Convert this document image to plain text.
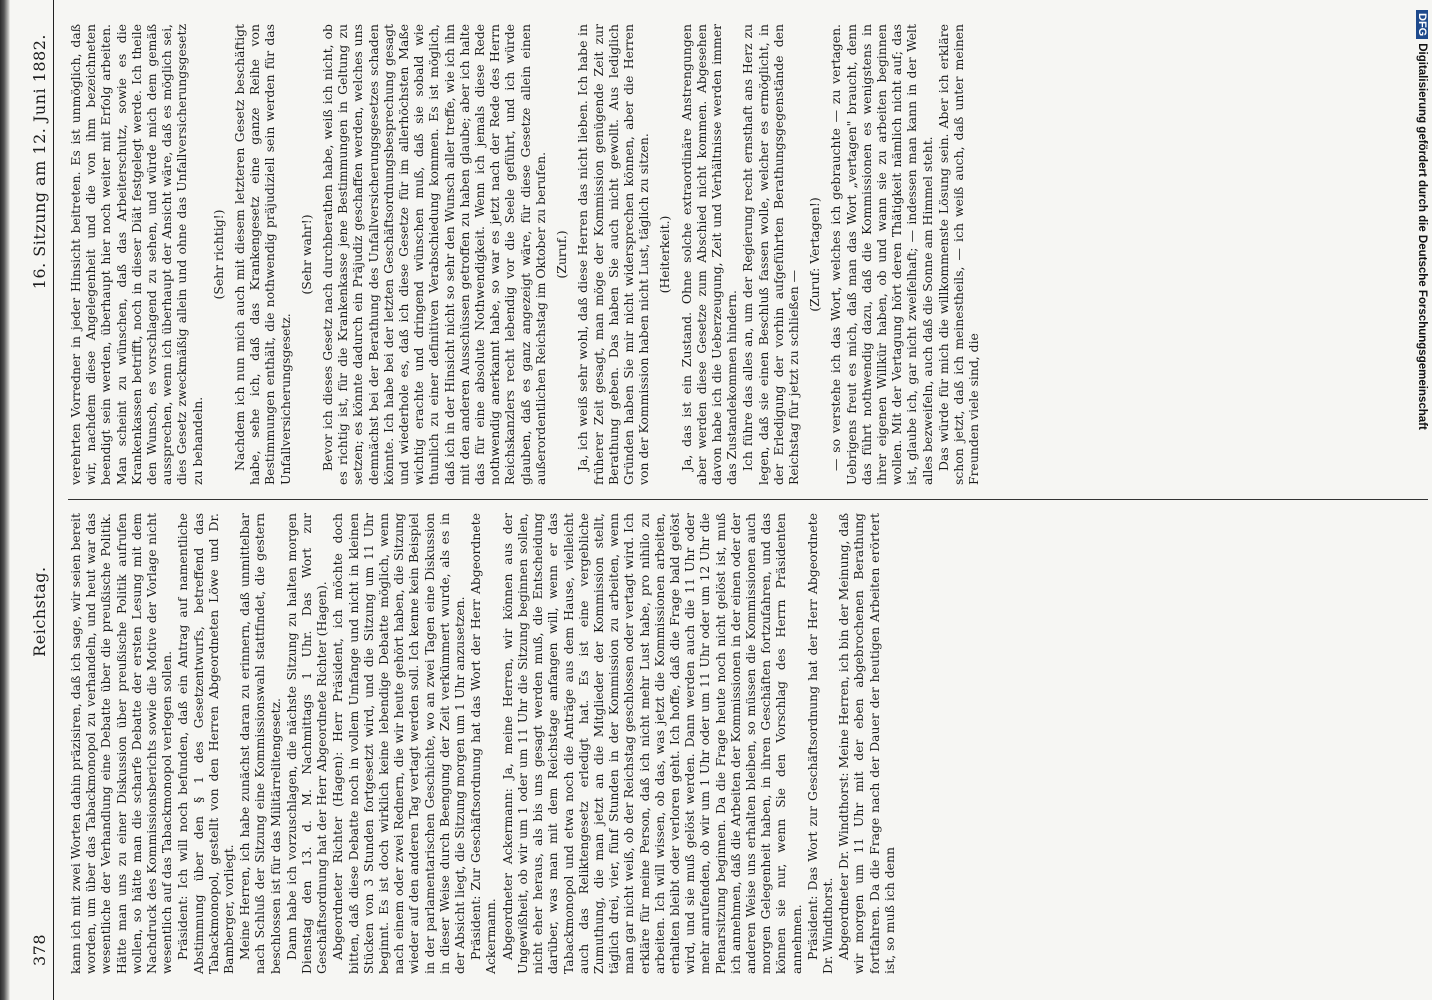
378
Reichstag.
16. Sitzung am 12. Juni 1882.

kann ich mit zwei Worten dahin präzisiren, daß ich sage, wir seien bereit worden, um über das Tabackmonopol zu verhandeln, und heut war das wesentliche der Verhandlung eine Debatte über die preußische Politik. Hätte man uns zu einer Diskussion über preußische Politik aufrufen wollen, so hätte man die scharfe Debatte der ersten Lesung mit dem Nachdruck des Kommissionsberichts sowie die Motive der Vorlage nicht wesentlich auf das Tabackmonopol verlegen sollen. Präsident: Ich will noch befunden, daß ein Antrag auf namentliche Abstimmung über den § 1 des Gesetzentwurfs, betreffend das Tabackmonopol, gestellt von den Herren Abgeordneten Löwe und Dr. Bamberger, vorliegt. Meine Herren, ich habe zunächst daran zu erinnern, daß unmittelbar nach Schluß der Sitzung eine Kommissionswahl stattfindet, die gestern beschlossen ist für das Militärrelitengesetz. Dann habe ich vorzuschlagen, die nächste Sitzung zu halten morgen Dienstag den 13. d. M. Nachmittags 1 Uhr. Das Wort zur Geschäftsordnung hat der Herr Abgeordnete Richter (Hagen). Abgeordneter Richter (Hagen): Herr Präsident, ich möchte doch bitten, daß diese Debatte noch in vollem Umfange und nicht in kleinen Stücken von 3 Stunden fortgesetzt wird, und die Sitzung um 11 Uhr beginnt. Es ist doch wirklich keine lebendige Debatte möglich, wenn nach einem oder zwei Rednern, die wir heute gehört haben, die Sitzung wieder auf den anderen Tag vertagt werden soll. Ich kenne kein Beispiel in der parlamentarischen Geschichte, wo an zwei Tagen eine Diskussion in dieser Weise durch Beengung der Zeit verkümmert wurde, als es in der Absicht liegt, die Sitzung morgen um 1 Uhr anzusetzen. Präsident: Zur Geschäftsordnung hat das Wort der Herr Abgeordnete Ackermann. Abgeordneter Ackermann: Ja, meine Herren, wir können aus der Ungewißheit, ob wir um 1 oder um 11 Uhr die Sitzung beginnen sollen, nicht eher heraus, als bis uns gesagt werden muß, die Entscheidung darüber, was man mit dem Reichstage anfangen will, wenn er das Tabackmonopol und etwa noch die Anträge aus dem Hause, vielleicht auch das Reliktengesetz erledigt hat. Es ist eine vergebliche Zumuthung, die man jetzt an die Mitglieder der Kommission stellt, täglich drei, vier, fünf Stunden in der Kommission zu arbeiten, wenn man gar nicht weiß, ob der Reichstag geschlossen oder vertagt wird. Ich erkläre für meine Person, daß ich nicht mehr Lust habe, pro nihilo zu arbeiten. Ich will wissen, ob das, was jetzt die Kommissionen arbeiten, erhalten bleibt oder verloren geht. Ich hoffe, daß die Frage bald gelöst wird, und sie muß gelöst werden. Dann werden auch die 11 Uhr oder mehr anrufenden, ob wir um 1 Uhr oder um 11 Uhr oder um 12 Uhr die Plenarsitzung beginnen. Da die Frage heute noch nicht gelöst ist, muß ich annehmen, daß die Arbeiten der Kommissionen in der einen oder der anderen Weise uns erhalten bleiben, so müssen die Kommissionen auch morgen Gelegenheit haben, in ihren Geschäften fortzufahren, und das können sie nur, wenn Sie den Vorschlag des Herrn Präsidenten annehmen. Präsident: Das Wort zur Geschäftsordnung hat der Herr Abgeordnete Dr. Windthorst. Abgeordneter Dr. Windthorst: Meine Herren, ich bin der Meinung, daß wir morgen um 11 Uhr mit der eben abgebrochenen Berathung fortfahren. Da die Frage nach der Dauer der heutigen Arbeiten erörtert ist, so muß ich denn

verehrten Vorredner in jeder Hinsicht beitreten. Es ist unmöglich, daß wir, nachdem diese Angelegenheit und die von ihm bezeichneten beendigt sein werden, überhaupt hier noch weiter mit Erfolg arbeiten. Man scheint zu wünschen, daß das Arbeiterschutz, sowie es die Krankenkassen betrifft, noch in dieser Diät festgelegt werde. Ich theile den Wunsch, es vorschlagend zu sehen, und würde mich dem gemäß aussprechen, wenn ich überhaupt der Ansicht wäre, daß es möglich sei, dies Gesetz zweckmäßig allein und ohne das Unfallversicherungsgesetz zu behandeln.

(Sehr richtig!) Nachdem ich nun mich auch mit diesem letzteren Gesetz beschäftigt habe, sehe ich, daß das Krankengesetz eine ganze Reihe von Bestimmungen enthält, die nothwendig präjudiziell sein werden für das Unfallversicherungsgesetz.

(Sehr wahr!) Bevor ich dieses Gesetz nach durchberathen habe, weiß ich nicht, ob es richtig ist, für die Krankenkasse jene Bestimmungen in Geltung zu setzen; es könnte dadurch ein Präjudiz geschaffen werden, welches uns demnächst bei der Berathung des Unfallversicherungsgesetzes schaden könnte. Ich habe bei der letzten Geschäftsordnungsbesprechung gesagt und wiederhole es, daß ich diese Gesetze für im allerhöchsten Maße wichtig erachte und dringend wünschen muß, daß sie sobald wie thunlich zu einer definitiven Verabschiedung kommen. Es ist möglich, daß ich in der Hinsicht nicht so sehr den Wunsch aller treffe, wie ich ihn mit den anderen Ausschüssen getroffen zu haben glaube; aber ich halte das für eine absolute Nothwendigkeit. Wenn ich jemals diese Rede nothwendig anerkannt habe, so war es jetzt nach der Rede des Herrn Reichskanzlers recht lebendig vor die Seele geführt, und ich würde glauben, daß es ganz angezeigt wäre, für diese Gesetze allein einen außerordentlichen Reichstag im Oktober zu berufen. (Zuruf.) Ja, ich weiß sehr wohl, daß diese Herren das nicht lieben. Ich habe in früherer Zeit gesagt, man möge der Kommission genügende Zeit zur Berathung geben. Das haben Sie auch nicht gewollt. Aus lediglich Gründen haben Sie mir nicht widersprechen können, aber die Herren von der Kommission haben nicht Lust, täglich zu sitzen. (Heiterkeit.) Ja, das ist ein Zustand. Ohne solche extraordinäre Anstrengungen aber werden diese Gesetze zum Abschied nicht kommen. Abgesehen davon habe ich die Ueberzeugung, Zeit und Verhältnisse werden immer das Zustandekommen hindern. Ich führe das alles an, um der Regierung recht ernsthaft ans Herz zu legen, daß sie einen Beschluß fassen wolle, welcher es ermöglicht, in der Erledigung der vorhin aufgeführten Berathungsgegenstände den Reichstag für jetzt zu schließen —

(Zuruf: Vertagen!) — so verstehe ich das Wort, welches ich gebrauchte — zu vertagen. Uebrigens freut es mich, daß man das Wort „vertagen" braucht, denn das führt nothwendig dazu, daß die Kommissionen es wenigstens in ihrer eigenen Willkür haben, ob und wann sie zu arbeiten beginnen wollen. Mit der Vertagung hört deren Thätigkeit nämlich nicht auf; das ist, glaube ich, gar nicht zweifelhaft; — indessen man kann in der Welt alles bezweifeln, auch daß die Sonne am Himmel steht. Das würde für mich die willkommenste Lösung sein. Aber ich erkläre schon jetzt, daß ich meinestheils, — ich weiß auch, daß unter meinen Freunden viele sind, die

DFGDigitalisierung gefördert durch die Deutsche Forschungsgemeinschaft
